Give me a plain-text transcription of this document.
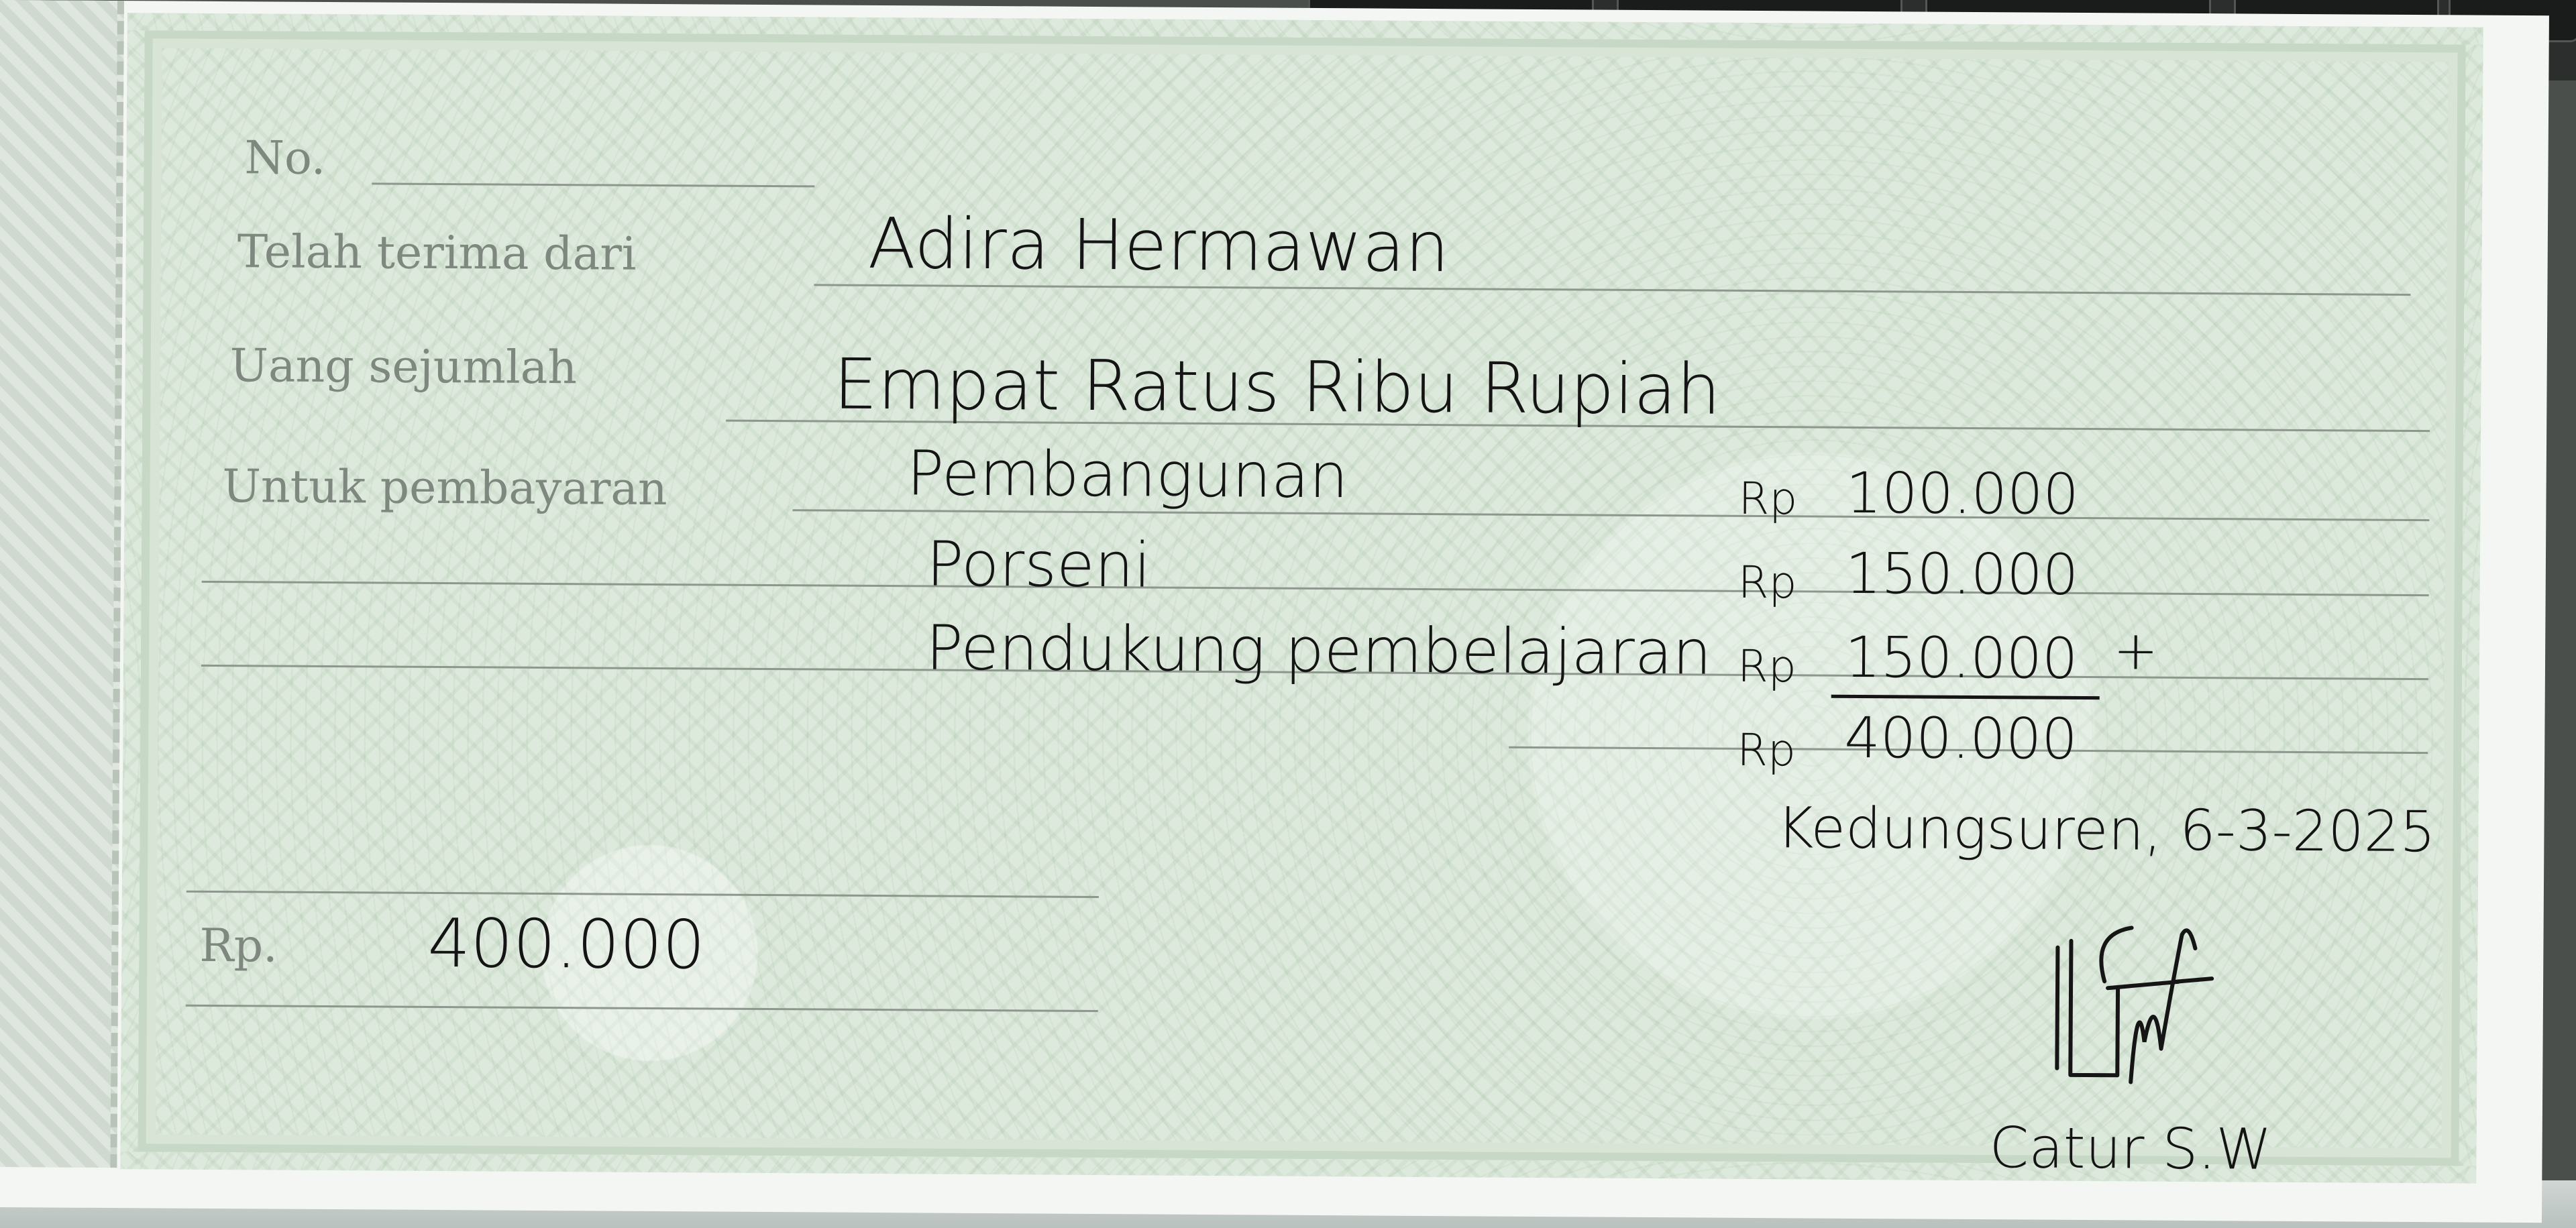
No.
Telah terima dari
Uang sejumlah
Untuk pembayaran
Adira Hermawan
Empat Ratus Ribu Rupiah
Pembangunan	Rp 100.000
Porseni	Rp 150.000
Pendukung pembelajaran Rp 150.000 +
Rp 400.000
Kedungsuren, 6-3-2025
Rp. 400.000
Catur S.W
